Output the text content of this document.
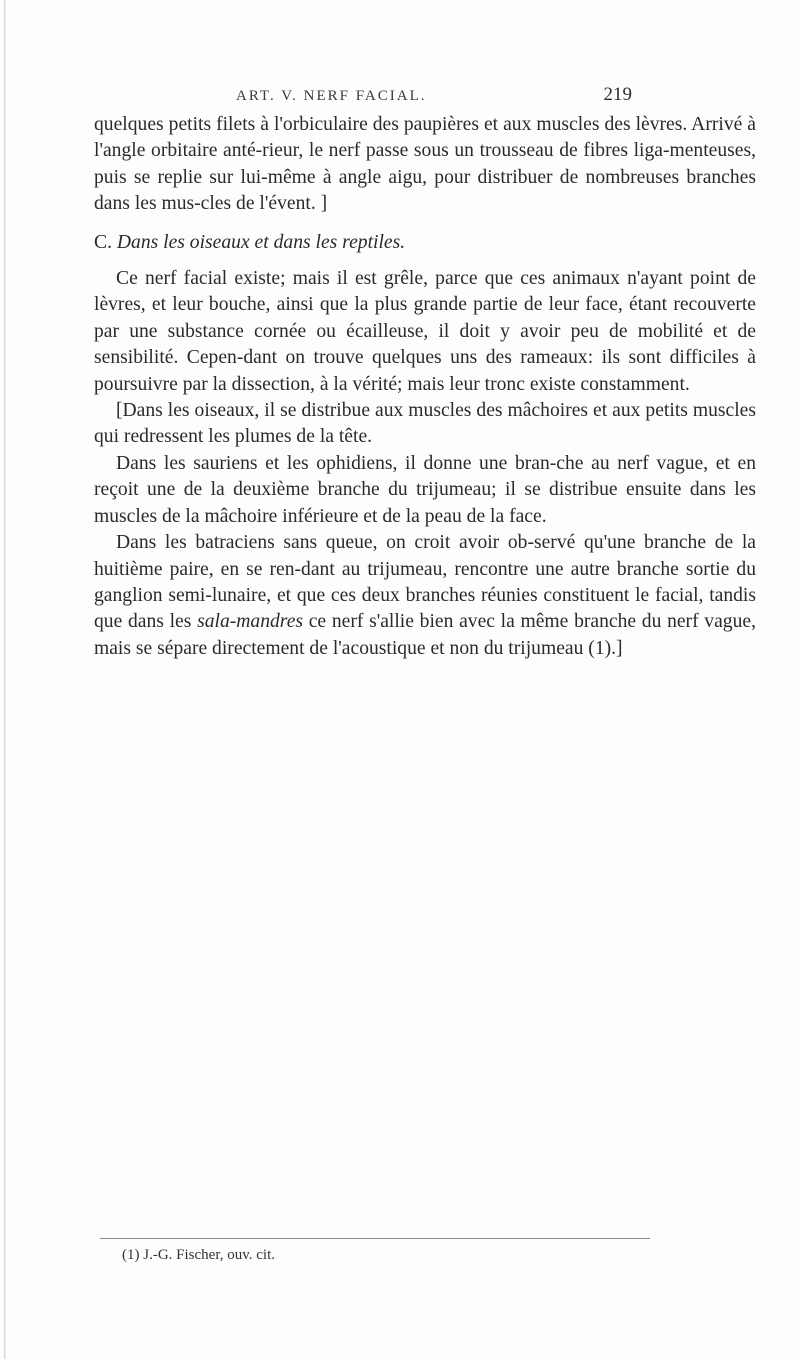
ART. V. NERF FACIAL.	219

quelques petits filets à l'orbiculaire des paupières et aux muscles des lèvres. Arrivé à l'angle orbitaire anté-rieur, le nerf passe sous un trousseau de fibres liga-menteuses, puis se replie sur lui-même à angle aigu, pour distribuer de nombreuses branches dans les mus-cles de l'évent. ]

C. Dans les oiseaux et dans les reptiles.

Ce nerf facial existe; mais il est grêle, parce que ces animaux n'ayant point de lèvres, et leur bouche, ainsi que la plus grande partie de leur face, étant recouverte par une substance cornée ou écailleuse, il doit y avoir peu de mobilité et de sensibilité. Cepen-dant on trouve quelques uns des rameaux: ils sont difficiles à poursuivre par la dissection, à la vérité; mais leur tronc existe constamment.

[Dans les oiseaux, il se distribue aux muscles des mâchoires et aux petits muscles qui redressent les plumes de la tête.

Dans les sauriens et les ophidiens, il donne une bran-che au nerf vague, et en reçoit une de la deuxième branche du trijumeau; il se distribue ensuite dans les muscles de la mâchoire inférieure et de la peau de la face.

Dans les batraciens sans queue, on croit avoir ob-servé qu'une branche de la huitième paire, en se ren-dant au trijumeau, rencontre une autre branche sortie du ganglion semi-lunaire, et que ces deux branches réunies constituent le facial, tandis que dans les sala-mandres ce nerf s'allie bien avec la même branche du nerf vague, mais se sépare directement de l'acoustique et non du trijumeau (1).]

(1) J.-G. Fischer, ouv. cit.
